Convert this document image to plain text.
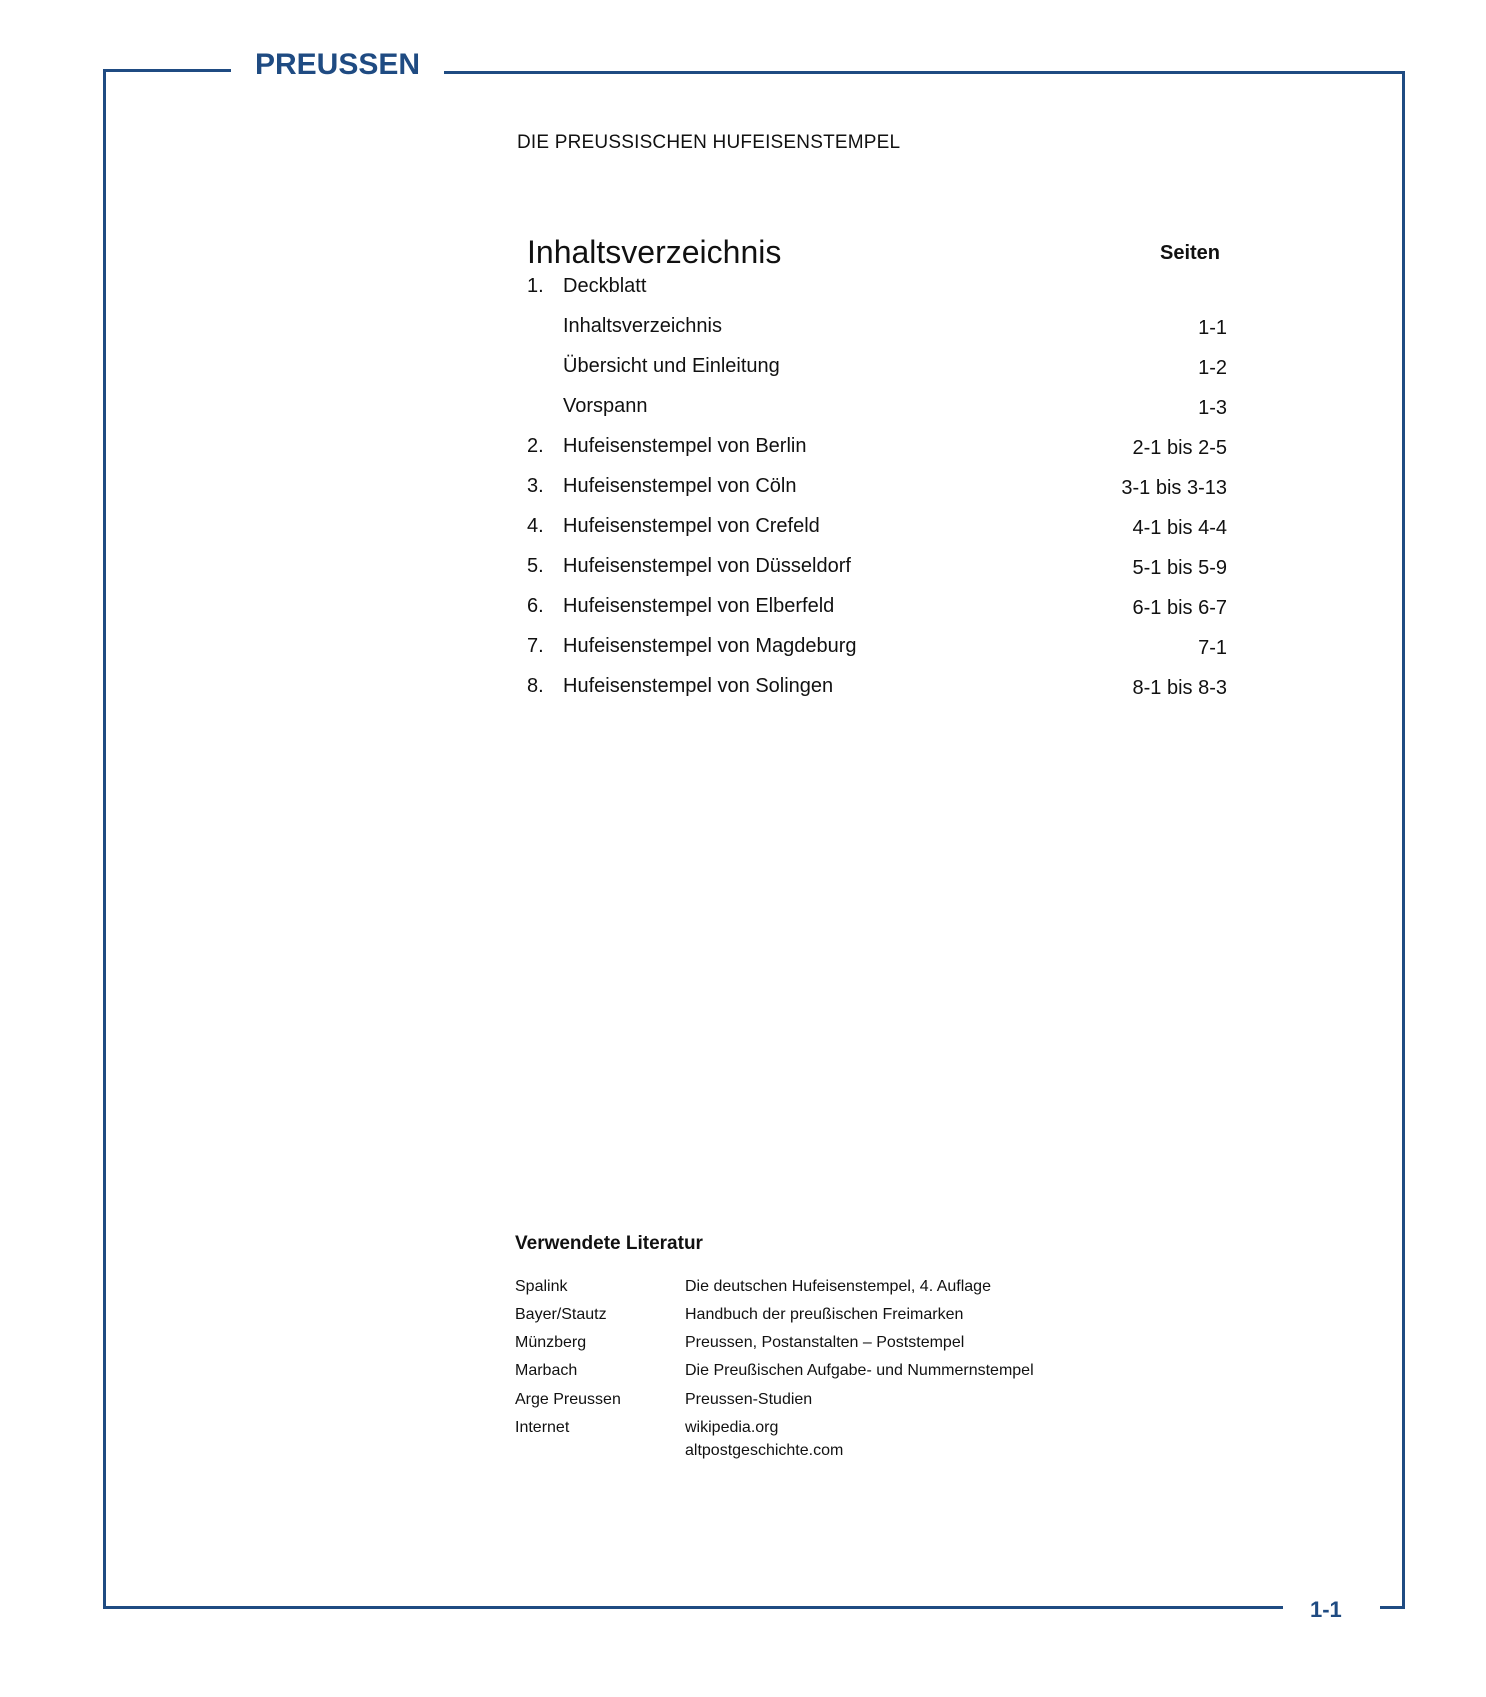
PREUSSEN
1-1
DIE PREUSSISCHEN HUFEISENSTEMPEL
Inhaltsverzeichnis	Seiten
1. Deckblatt
Inhaltsverzeichnis	1-1
Übersicht und Einleitung	1-2
Vorspann	1-3
2. Hufeisenstempel von Berlin	2-1 bis 2-5
3. Hufeisenstempel von Cöln	3-1 bis 3-13
4. Hufeisenstempel von Crefeld	4-1 bis 4-4
5. Hufeisenstempel von Düsseldorf	5-1 bis 5-9
6. Hufeisenstempel von Elberfeld	6-1 bis 6-7
7. Hufeisenstempel von Magdeburg	7-1
8. Hufeisenstempel von Solingen	8-1 bis 8-3
Verwendete Literatur
Spalink	Die deutschen Hufeisenstempel, 4. Auflage
Bayer/Stautz	Handbuch der preußischen Freimarken
Münzberg	Preussen, Postanstalten – Poststempel
Marbach	Die Preußischen Aufgabe- und Nummernstempel
Arge Preussen	Preussen-Studien
Internet	wikipedia.org
altpostgeschichte.com
